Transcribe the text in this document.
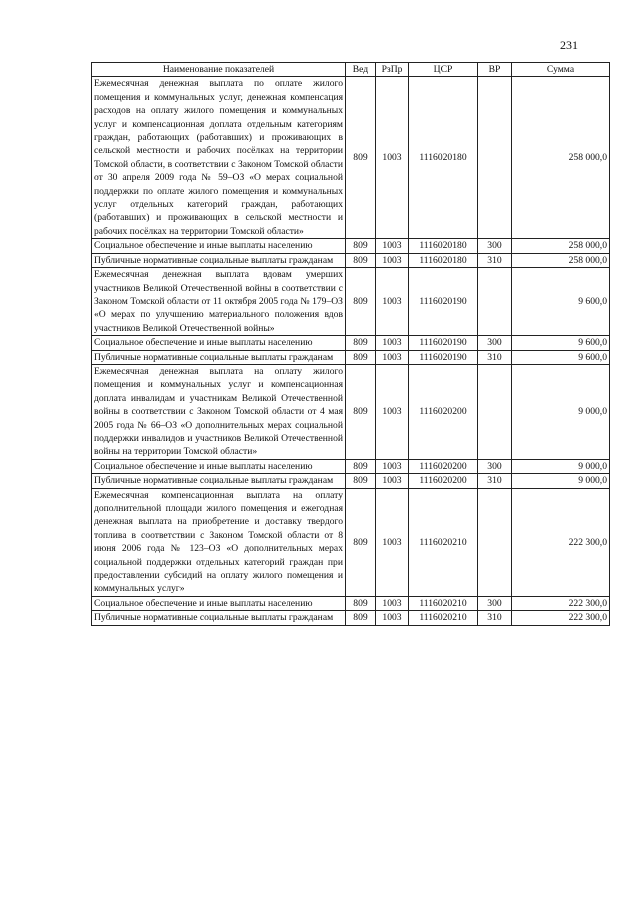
231
Наименование показателей	Вед	РзПр	ЦСР	ВР	Сумма
Ежемесячная денежная выплата по оплате жилого помещения и коммунальных услуг, денежная компенсация расходов на оплату жилого помещения и коммунальных услуг и компенсационная доплата отдельным категориям граждан, работающих (работавших) и проживающих в сельской местности и рабочих посёлках на территории Томской области, в соответствии с Законом Томской области от 30 апреля 2009 года № 59–ОЗ «О мерах социальной поддержки по оплате жилого помещения и коммунальных услуг отдельных категорий граждан, работающих (работавших) и проживающих в сельской местности и рабочих посёлках на территории Томской области»	809	1003	1116020180		258 000,0
Социальное обеспечение и иные выплаты населению	809	1003	1116020180	300	258 000,0
Публичные нормативные социальные выплаты гражданам	809	1003	1116020180	310	258 000,0
Ежемесячная денежная выплата вдовам умерших участников Великой Отечественной войны в соответствии с Законом Томской области от 11 октября 2005 года № 179–ОЗ «О мерах по улучшению материального положения вдов участников Великой Отечественной войны»	809	1003	1116020190		9 600,0
Социальное обеспечение и иные выплаты населению	809	1003	1116020190	300	9 600,0
Публичные нормативные социальные выплаты гражданам	809	1003	1116020190	310	9 600,0
Ежемесячная денежная выплата на оплату жилого помещения и коммунальных услуг и компенсационная доплата инвалидам и участникам Великой Отечественной войны в соответствии с Законом Томской области от 4 мая 2005 года № 66–ОЗ «О дополнительных мерах социальной поддержки инвалидов и участников Великой Отечественной войны на территории Томской области»	809	1003	1116020200		9 000,0
Социальное обеспечение и иные выплаты населению	809	1003	1116020200	300	9 000,0
Публичные нормативные социальные выплаты гражданам	809	1003	1116020200	310	9 000,0
Ежемесячная компенсационная выплата на оплату дополнительной площади жилого помещения и ежегодная денежная выплата на приобретение и доставку твердого топлива в соответствии с Законом Томской области от 8 июня 2006 года № 123–ОЗ «О дополнительных мерах социальной поддержки отдельных категорий граждан при предоставлении субсидий на оплату жилого помещения и коммунальных услуг»	809	1003	1116020210		222 300,0
Социальное обеспечение и иные выплаты населению	809	1003	1116020210	300	222 300,0
Публичные нормативные социальные выплаты гражданам	809	1003	1116020210	310	222 300,0
